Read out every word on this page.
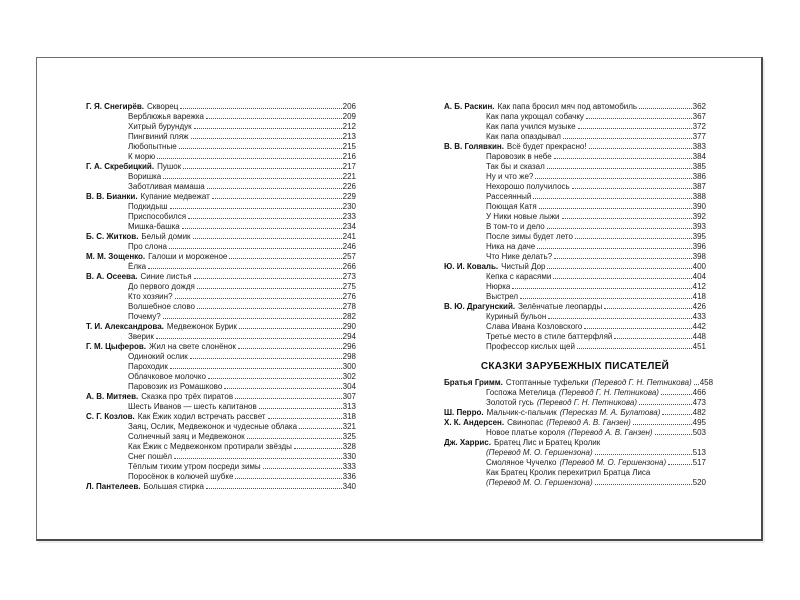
Г. Я. Снегирёв. Скворец	206
Верблюжья варежка	209
Хитрый бурундук	212
Пингвиний пляж	213
Любопытные	215
К морю	216
Г. А. Скребицкий. Пушок	217
Воришка	221
Заботливая мамаша	226
В. В. Бианки. Купание медвежат	229
Подкидыш	230
Приспособился	233
Мишка-башка	234
Б. С. Житков. Белый домик	241
Про слона	246
М. М. Зощенко. Галоши и мороженое	257
Ёлка	266
В. А. Осеева. Синие листья	273
До первого дождя	275
Кто хозяин?	276
Волшебное слово	278
Почему?	282
Т. И. Александрова. Медвежонок Бурик	290
Зверик	294
Г. М. Цыферов. Жил на свете слонёнок	296
Одинокий ослик	298
Пароходик	300
Облачковое молочко	302
Паровозик из Ромашково	304
А. В. Митяев. Сказка про трёх пиратов	307
Шесть Иванов — шесть капитанов	313
С. Г. Козлов. Как Ёжик ходил встречать рассвет	318
Заяц, Ослик, Медвежонок и чудесные облака	321
Солнечный заяц и Медвежонок	325
Как Ёжик с Медвежонком протирали звёзды	328
Снег пошёл	330
Тёплым тихим утром посреди зимы	333
Поросёнок в колючей шубке	336
Л. Пантелеев. Большая стирка	340
А. Б. Раскин. Как папа бросил мяч под автомобиль	362
Как папа укрощал собачку	367
Как папа учился музыке	372
Как папа опаздывал	377
В. В. Голявкин. Всё будет прекрасно!	383
Паровозик в небе	384
Так бы и сказал	385
Ну и что же?	386
Нехорошо получилось	387
Рассеянный	388
Поющая Катя	390
У Ники новые лыжи	392
В том-то и дело	393
После зимы будет лето	395
Ника на даче	396
Что Нике делать?	398
Ю. И. Коваль. Чистый Дор	400
Кепка с карасями	404
Нюрка	412
Выстрел	418
В. Ю. Драгунский. Зелёнчатые леопарды	426
Куриный бульон	433
Слава Ивана Козловского	442
Третье место в стиле баттерфляй	448
Профессор кислых щей	451
СКАЗКИ ЗАРУБЕЖНЫХ ПИСАТЕЛЕЙ
Братья Гримм. Стоптанные туфельки (Перевод Г. Н. Петникова) 458
Госпожа Метелица (Перевод Г. Н. Петникова)	466
Золотой гусь (Перевод Г. Н. Петникова)	473
Ш. Перро. Мальчик-с-пальчик (Пересказ М. А. Булатова)	482
Х. К. Андерсен. Свинопас (Перевод А. В. Ганзен)	495
Новое платье короля (Перевод А. В. Ганзен)	503
Дж. Харрис. Братец Лис и Братец Кролик
(Перевод М. О. Гершензона)	513
Смоляное Чучелко (Перевод М. О. Гершензона)	517
Как Братец Кролик перехитрил Братца Лиса
(Перевод М. О. Гершензона)	520
